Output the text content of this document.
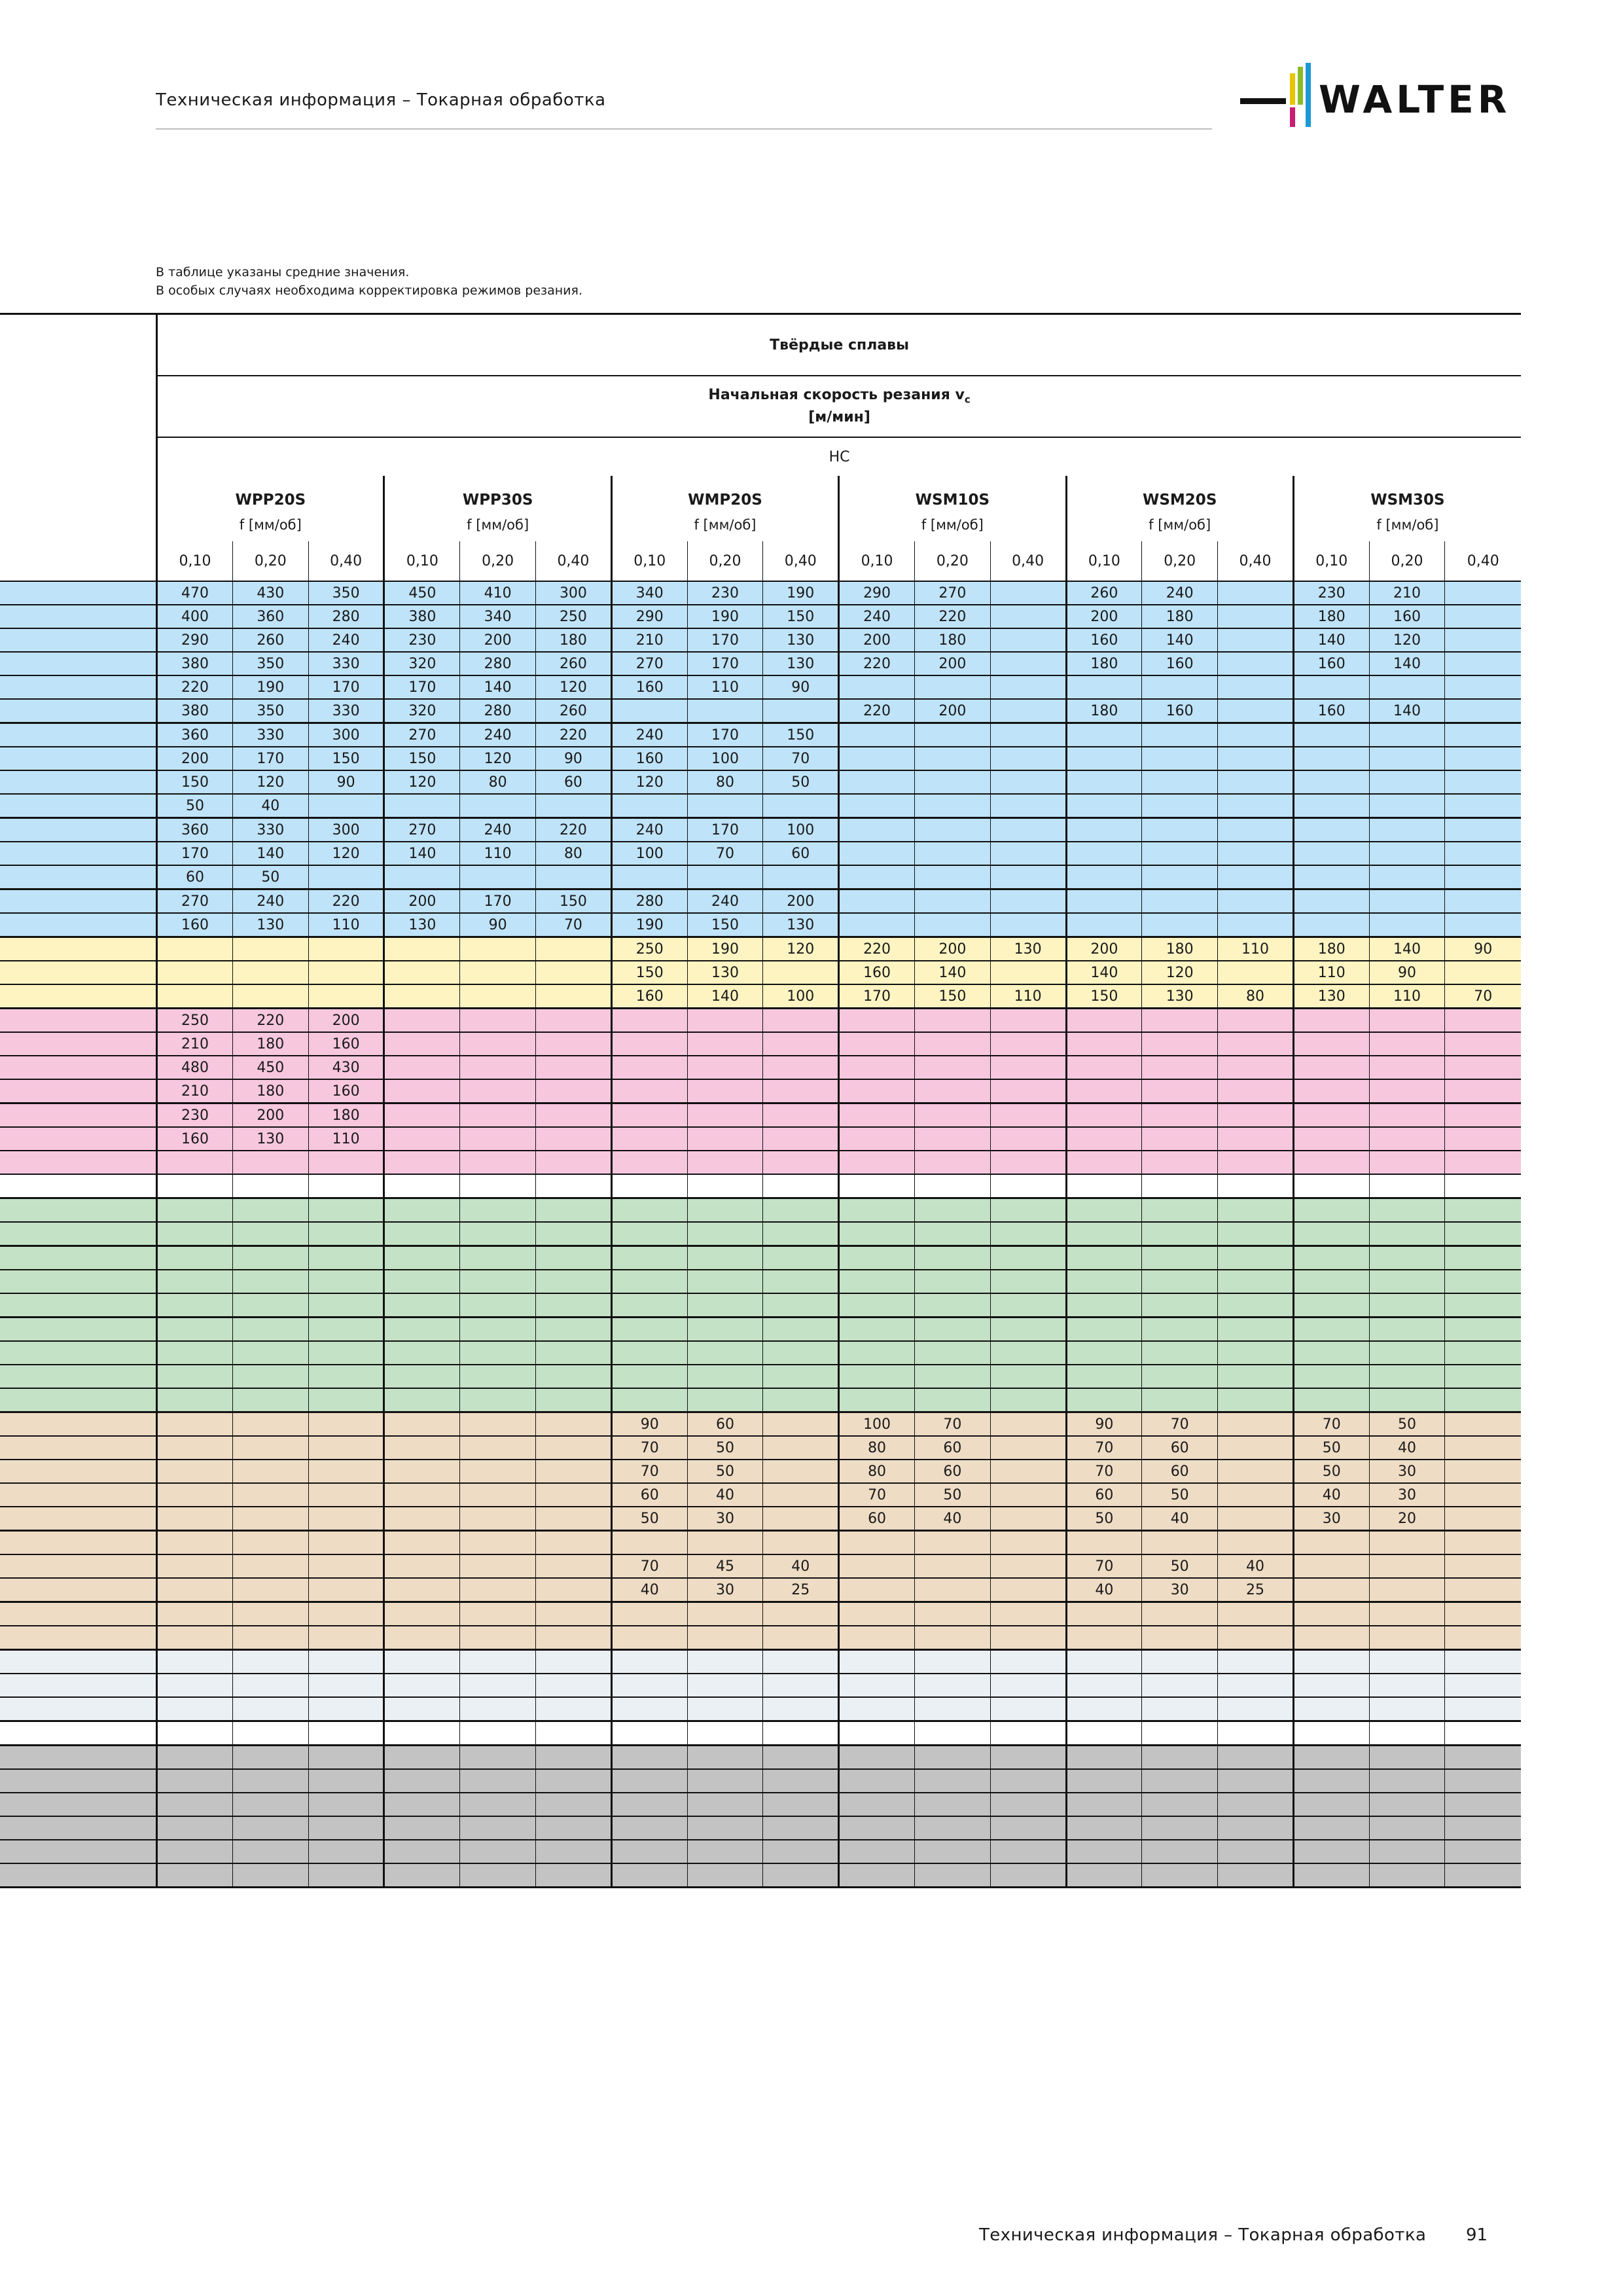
Техническая информация – Токарная обработка	WALTER
В таблице указаны средние значения.
В особых случаях необходима корректировка режимов резания.
	Твёрдые сплавы																	

	Начальная скорость резания $v_c$
[м/мин]																	

	HC																	
	WPP20S			WPP30S			WMP20S			WSM10S			WSM20S			WSM30S		
	f [мм/об]			f [мм/об]			f [мм/об]			f [мм/об]			f [мм/об]			f [мм/об]		
	0,10	0,20	0,40	0,10	0,20	0,40	0,10	0,20	0,40	0,10	0,20	0,40	0,10	0,20	0,40	0,10	0,20	0,40
	470	430	350	450	410	300	340	230	190	290	270		260	240		230	210	
	400	360	280	380	340	250	290	190	150	240	220		200	180		180	160	
	290	260	240	230	200	180	210	170	130	200	180		160	140		140	120	
	380	350	330	320	280	260	270	170	130	220	200		180	160		160	140	
	220	190	170	170	140	120	160	110	90									
	380	350	330	320	280	260				220	200		180	160		160	140	
	360	330	300	270	240	220	240	170	150									
	200	170	150	150	120	90	160	100	70									
	150	120	90	120	80	60	120	80	50									
	50	40																
	360	330	300	270	240	220	240	170	100									
	170	140	120	140	110	80	100	70	60									
	60	50																
	270	240	220	200	170	150	280	240	200									
	160	130	110	130	90	70	190	150	130									
							250	190	120	220	200	130	200	180	110	180	140	90
							150	130		160	140		140	120		110	90	
							160	140	100	170	150	110	150	130	80	130	110	70
	250	220	200															
	210	180	160															
	480	450	430															
	210	180	160															
	230	200	180															
	160	130	110															

							90	60		100	70		90	70		70	50	
							70	50		80	60		70	60		50	40	
							70	50		80	60		70	60		50	30	
							60	40		70	50		60	50		40	30	
							50	30		60	40		50	40		30	20	

							70	45	40				70	50	40			
							40	30	25				40	30	25			

Техническая информация – Токарная обработка 91
